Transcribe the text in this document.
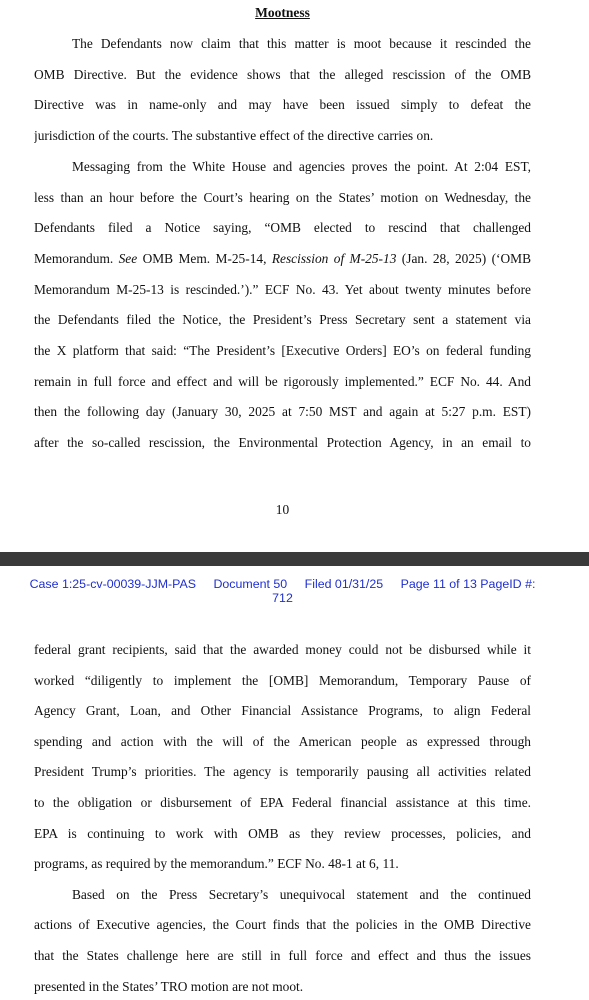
Mootness
The Defendants now claim that this matter is moot because it rescinded the
OMB Directive. But the evidence shows that the alleged rescission of the OMB
Directive was in name-only and may have been issued simply to defeat the
jurisdiction of the courts. The substantive effect of the directive carries on.
Messaging from the White House and agencies proves the point. At 2:04 EST,
less than an hour before the Court’s hearing on the States’ motion on Wednesday, the
Defendants filed a Notice saying, “OMB elected to rescind that challenged
Memorandum. See OMB Mem. M-25-14, Rescission of M-25-13 (Jan. 28, 2025) (‘OMB
Memorandum M-25-13 is rescinded.’).” ECF No. 43. Yet about twenty minutes before
the Defendants filed the Notice, the President’s Press Secretary sent a statement via
the X platform that said: “The President’s [Executive Orders] EO’s on federal funding
remain in full force and effect and will be rigorously implemented.” ECF No. 44. And
then the following day (January 30, 2025 at 7:50 MST and again at 5:27 p.m. EST)
after the so-called rescission, the Environmental Protection Agency, in an email to
10
Case 1:25-cv-00039-JJM-PAS Document 50 Filed 01/31/25 Page 11 of 13 PageID #:
712
federal grant recipients, said that the awarded money could not be disbursed while it
worked “diligently to implement the [OMB] Memorandum, Temporary Pause of
Agency Grant, Loan, and Other Financial Assistance Programs, to align Federal
spending and action with the will of the American people as expressed through
President Trump’s priorities. The agency is temporarily pausing all activities related
to the obligation or disbursement of EPA Federal financial assistance at this time.
EPA is continuing to work with OMB as they review processes, policies, and
programs, as required by the memorandum.” ECF No. 48-1 at 6, 11.
Based on the Press Secretary’s unequivocal statement and the continued
actions of Executive agencies, the Court finds that the policies in the OMB Directive
that the States challenge here are still in full force and effect and thus the issues
presented in the States’ TRO motion are not moot.
